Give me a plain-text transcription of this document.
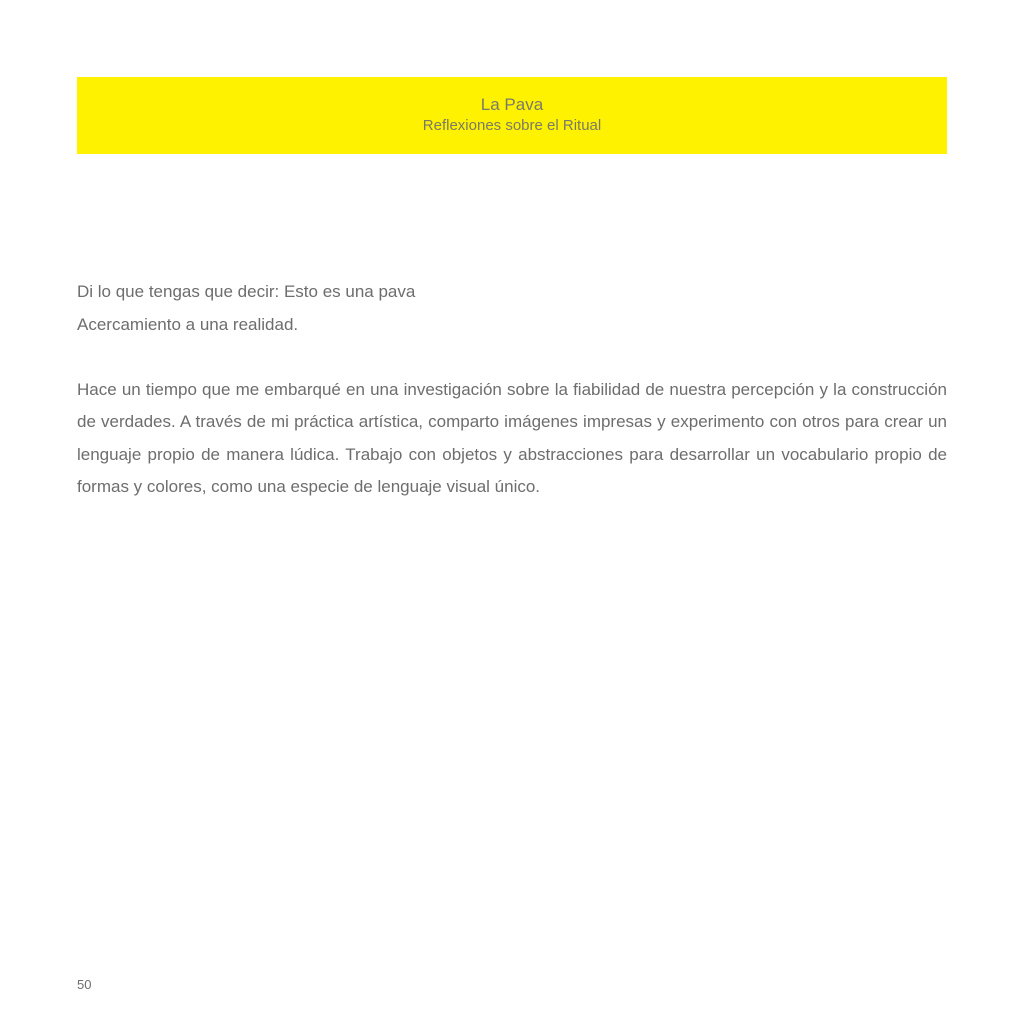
La Pava
Reflexiones sobre el Ritual
Di lo que tengas que decir: Esto es una pava
Acercamiento a una realidad.

Hace un tiempo que me embarqué en una investigación sobre la fiabilidad de nuestra percepción y la construcción de verdades. A través de mi práctica artística, comparto imágenes impresas y experimento con otros para crear un lenguaje propio de manera lúdica. Trabajo con objetos y abstracciones para desarrollar un vocabulario propio de formas y colores, como una especie de lenguaje visual único.

50
